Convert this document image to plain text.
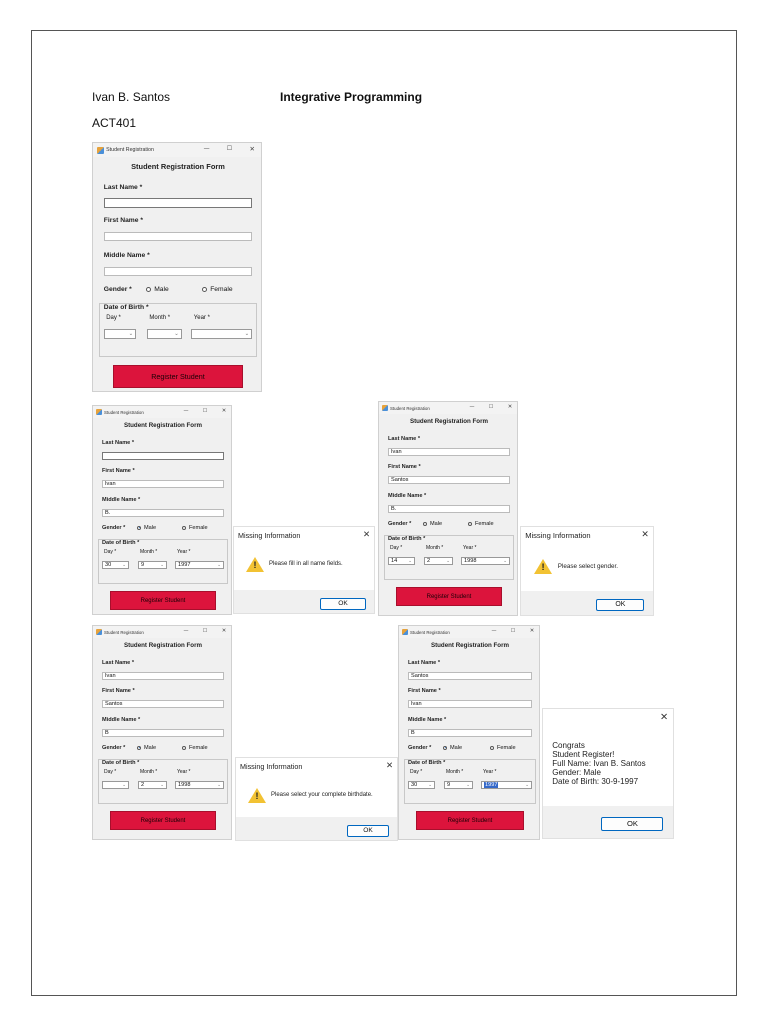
Ivan B. Santos	Integrative Programming
ACT401
Student Registration	—	☐	✕
Student Registration Form
Last Name *
First Name *
Middle Name *
Gender *	Male	Female
Date of Birth *
Day *
⌄
Month *
⌄
Year *
⌄
Register Student
Student Registration	—	☐	✕
Student Registration Form
Last Name *
First Name *
Ivan
Middle Name *
B.
Gender *	Male	Female
Date of Birth *
Day *
30 ⌄
Month *
9	⌄
Year *
1997	⌄
Register Student
Student Registration	—	☐	✕
Student Registration Form
Last Name *
Ivan
First Name *
Santos
Middle Name *
B.
Gender *	Male	Female
Date of Birth *
Day *
14 ⌄
Month *
2	⌄
Year *
1998	⌄
Register Student
Student Registration	—	☐	✕
Student Registration Form
Last Name *
Ivan
First Name *
Santos
Middle Name *
B
Gender *	Male	Female
Date of Birth *
Day *
⌄
Month *
2	⌄
Year *
1998	⌄
Register Student
Student Registration	—	☐	✕
Student Registration Form
Last Name *
Santos
First Name *
Ivan
Middle Name *
B
Gender *	Male	Female
Date of Birth *
Day *
30 ⌄
Month *
9	⌄
Year *
1997	⌄
Register Student
Missing Information	✕
!	Please fill in all name fields.
OK
Missing Information	✕
!	Please select gender.
OK
Missing Information	✕
!	Please select your complete birthdate.
OK
✕
Congrats
Student Register!
Full Name: Ivan B. Santos
Gender: Male
Date of Birth: 30-9-1997
OK
